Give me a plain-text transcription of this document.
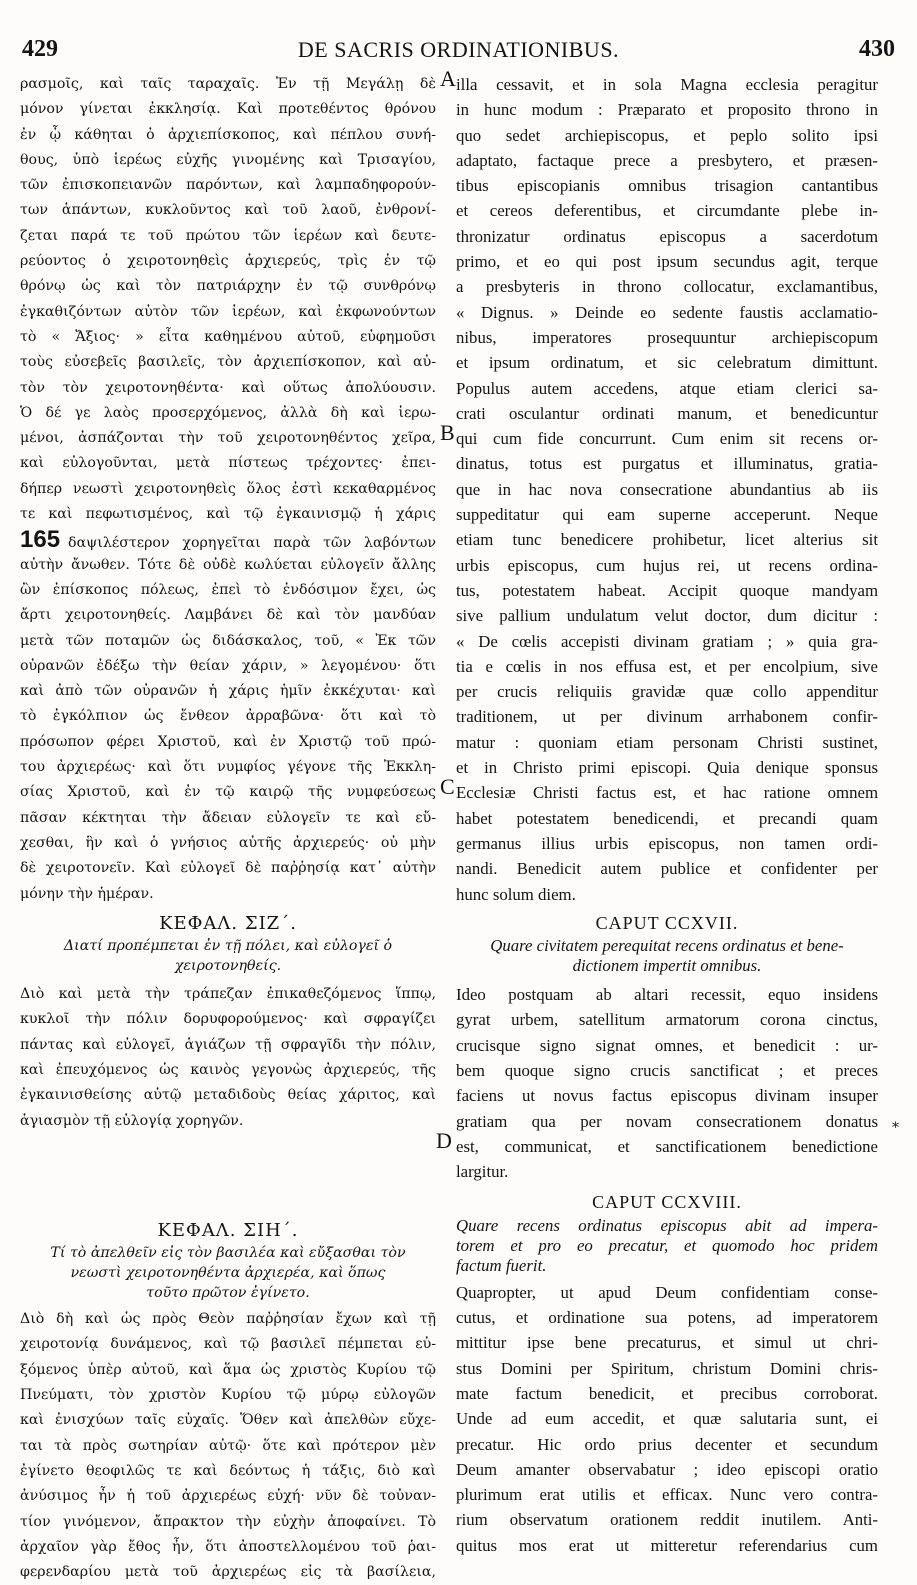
429	DE SACRIS ORDINATIONIBUS.	430
A
B
C
D	*
ρασμοῖς, καὶ ταῖς ταραχαῖς. Ἐν τῇ Μεγάλῃ δὲ
μόνον γίνεται ἐκκλησίᾳ. Καὶ προτεθέντος θρόνου
ἐν ᾧ κάθηται ὁ ἀρχιεπίσκοπος, καὶ πέπλου συνή-
θους, ὑπὸ ἱερέως εὐχῆς γινομένης καὶ Τρισαγίου,
τῶν ἐπισκοπειανῶν παρόντων, καὶ λαμπαδηφορούν-
των ἁπάντων, κυκλοῦντος καὶ τοῦ λαοῦ, ἐνθρονί-
ζεται παρά τε τοῦ πρώτου τῶν ἱερέων καὶ δευτε-
ρεύοντος ὁ χειροτονηθεὶς ἀρχιερεύς, τρὶς ἐν τῷ
θρόνῳ ὡς καὶ τὸν πατριάρχην ἐν τῷ συνθρόνῳ
ἐγκαθιζόντων αὐτὸν τῶν ἱερέων, καὶ ἐκφωνούντων
τὸ « Ἄξιος· » εἶτα καθημένου αὐτοῦ, εὐφημοῦσι
τοὺς εὐσεβεῖς βασιλεῖς, τὸν ἀρχιεπίσκοπον, καὶ αὐ-
τὸν τὸν χειροτονηθέντα· καὶ οὕτως ἀπολύουσιν.
Ὁ δέ γε λαὸς προσερχόμενος, ἀλλὰ δὴ καὶ ἱερω-
μένοι, ἀσπάζονται τὴν τοῦ χειροτονηθέντος χεῖρα,
καὶ εὐλογοῦνται, μετὰ πίστεως τρέχοντες· ἐπει-
δήπερ νεωστὶ χειροτονηθεὶς ὅλος ἐστὶ κεκαθαρμένος
τε καὶ πεφωτισμένος, καὶ τῷ ἐγκαινισμῷ ἡ χάρις
165 δαψιλέστερον χορηγεῖται παρὰ τῶν λαβόντων
αὐτὴν ἄνωθεν. Τότε δὲ οὐδὲ κωλύεται εὐλογεῖν ἄλλης
ὢν ἐπίσκοπος πόλεως, ἐπεὶ τὸ ἐνδόσιμον ἔχει, ὡς
ἄρτι χειροτονηθείς. Λαμβάνει δὲ καὶ τὸν μανδύαν
μετὰ τῶν ποταμῶν ὡς διδάσκαλος, τοῦ, « Ἐκ τῶν
οὐρανῶν ἐδέξω τὴν θείαν χάριν, » λεγομένου· ὅτι
καὶ ἀπὸ τῶν οὐρανῶν ἡ χάρις ἡμῖν ἐκκέχυται· καὶ
τὸ ἐγκόλπιον ὡς ἔνθεον ἀρραβῶνα· ὅτι καὶ τὸ
πρόσωπον φέρει Χριστοῦ, καὶ ἐν Χριστῷ τοῦ πρώ-
του ἀρχιερέως· καὶ ὅτι νυμφίος γέγονε τῆς Ἐκκλη-
σίας Χριστοῦ, καὶ ἐν τῷ καιρῷ τῆς νυμφεύσεως
πᾶσαν κέκτηται τὴν ἄδειαν εὐλογεῖν τε καὶ εὔ-
χεσθαι, ἣν καὶ ὁ γνήσιος αὐτῆς ἀρχιερεύς· οὐ μὴν
δὲ χειροτονεῖν. Καὶ εὐλογεῖ δὲ παῤῥησίᾳ κατ᾽ αὐτὴν
μόνην τὴν ἡμέραν.
ΚΕΦΑΛ. ΣΙΖ΄.
Διατί προπέμπεται ἐν τῇ πόλει, καὶ εὐλογεῖ ὁ
χειροτονηθείς.
Διὸ καὶ μετὰ τὴν τράπεζαν ἐπικαθεζόμενος ἵππῳ,
κυκλοῖ τὴν πόλιν δορυφορούμενος· καὶ σφραγίζει
πάντας καὶ εὐλογεῖ, ἁγιάζων τῇ σφραγῖδι τὴν πόλιν,
καὶ ἐπευχόμενος ὡς καινὸς γεγονὼς ἀρχιερεύς, τῆς
ἐγκαινισθείσης αὐτῷ μεταδιδοὺς θείας χάριτος, καὶ
ἁγιασμὸν τῇ εὐλογίᾳ χορηγῶν.
ΚΕΦΑΛ. ΣΙΗ΄.
Τί τὸ ἀπελθεῖν εἰς τὸν βασιλέα καὶ εὔξασθαι τὸν
νεωστὶ χειροτονηθέντα ἀρχιερέα, καὶ ὅπως
τοῦτο πρῶτον ἐγίνετο.
Διὸ δὴ καὶ ὡς πρὸς Θεὸν παῤῥησίαν ἔχων καὶ τῇ
χειροτονίᾳ δυνάμενος, καὶ τῷ βασιλεῖ πέμπεται εὐ-
ξόμενος ὑπὲρ αὐτοῦ, καὶ ἅμα ὡς χριστὸς Κυρίου τῷ
Πνεύματι, τὸν χριστὸν Κυρίου τῷ μύρῳ εὐλογῶν
καὶ ἐνισχύων ταῖς εὐχαῖς. Ὅθεν καὶ ἀπελθὼν εὔχε-
ται τὰ πρὸς σωτηρίαν αὐτῷ· ὅτε καὶ πρότερον μὲν
ἐγίνετο θεοφιλῶς τε καὶ δεόντως ἡ τάξις, διὸ καὶ
ἀνύσιμος ἦν ἡ τοῦ ἀρχιερέως εὐχή· νῦν δὲ τοὐναν-
τίον γινόμενον, ἄπρακτον τὴν εὐχὴν ἀποφαίνει. Τὸ
ἀρχαῖον γὰρ ἔθος ἦν, ὅτι ἀποστελλομένου τοῦ ῥαι-
φερενδαρίου μετὰ τοῦ ἀρχιερέως εἰς τὰ βασίλεια,
illa cessavit, et in sola Magna ecclesia peragitur
in hunc modum : Præparato et proposito throno in
quo sedet archiepiscopus, et peplo solito ipsi
adaptato, factaque prece a presbytero, et præsen-
tibus episcopianis omnibus trisagion cantantibus
et cereos deferentibus, et circumdante plebe in-
thronizatur ordinatus episcopus a sacerdotum
primo, et eo qui post ipsum secundus agit, terque
a presbyteris in throno collocatur, exclamantibus,
« Dignus. » Deinde eo sedente faustis acclamatio-
nibus, imperatores prosequuntur archiepiscopum
et ipsum ordinatum, et sic celebratum dimittunt.
Populus autem accedens, atque etiam clerici sa-
crati osculantur ordinati manum, et benedicuntur
qui cum fide concurrunt. Cum enim sit recens or-
dinatus, totus est purgatus et illuminatus, gratia-
que in hac nova consecratione abundantius ab iis
suppeditatur qui eam superne acceperunt. Neque
etiam tunc benedicere prohibetur, licet alterius sit
urbis episcopus, cum hujus rei, ut recens ordina-
tus, potestatem habeat. Accipit quoque mandyam
sive pallium undulatum velut doctor, dum dicitur :
« De cœlis accepisti divinam gratiam ; » quia gra-
tia e cœlis in nos effusa est, et per encolpium, sive
per crucis reliquiis gravidæ quæ collo appenditur
traditionem, ut per divinum arrhabonem confir-
matur : quoniam etiam personam Christi sustinet,
et in Christo primi episcopi. Quia denique sponsus
Ecclesiæ Christi factus est, et hac ratione omnem
habet potestatem benedicendi, et precandi quam
germanus illius urbis episcopus, non tamen ordi-
nandi. Benedicit autem publice et confidenter per
hunc solum diem.
CAPUT CCXVII.
Quare civitatem perequitat recens ordinatus et bene-
dictionem impertit omnibus.
Ideo postquam ab altari recessit, equo insidens
gyrat urbem, satellitum armatorum corona cinctus,
crucisque signo signat omnes, et benedicit : ur-
bem quoque signo crucis sanctificat ; et preces
faciens ut novus factus episcopus divinam insuper
gratiam qua per novam consecrationem donatus
est, communicat, et sanctificationem benedictione
largitur.
CAPUT CCXVIII.
Quare recens ordinatus episcopus abit ad impera-
torem et pro eo precatur, et quomodo hoc pridem
factum fuerit.
Quapropter, ut apud Deum confidentiam conse-
cutus, et ordinatione sua potens, ad imperatorem
mittitur ipse bene precaturus, et simul ut chri-
stus Domini per Spiritum, christum Domini chris-
mate factum benedicit, et precibus corroborat.
Unde ad eum accedit, et quæ salutaria sunt, ei
precatur. Hic ordo prius decenter et secundum
Deum amanter observabatur ; ideo episcopi oratio
plurimum erat utilis et efficax. Nunc vero contra-
rium observatum orationem reddit inutilem. Anti-
quitus mos erat ut mitteretur referendarius cum
